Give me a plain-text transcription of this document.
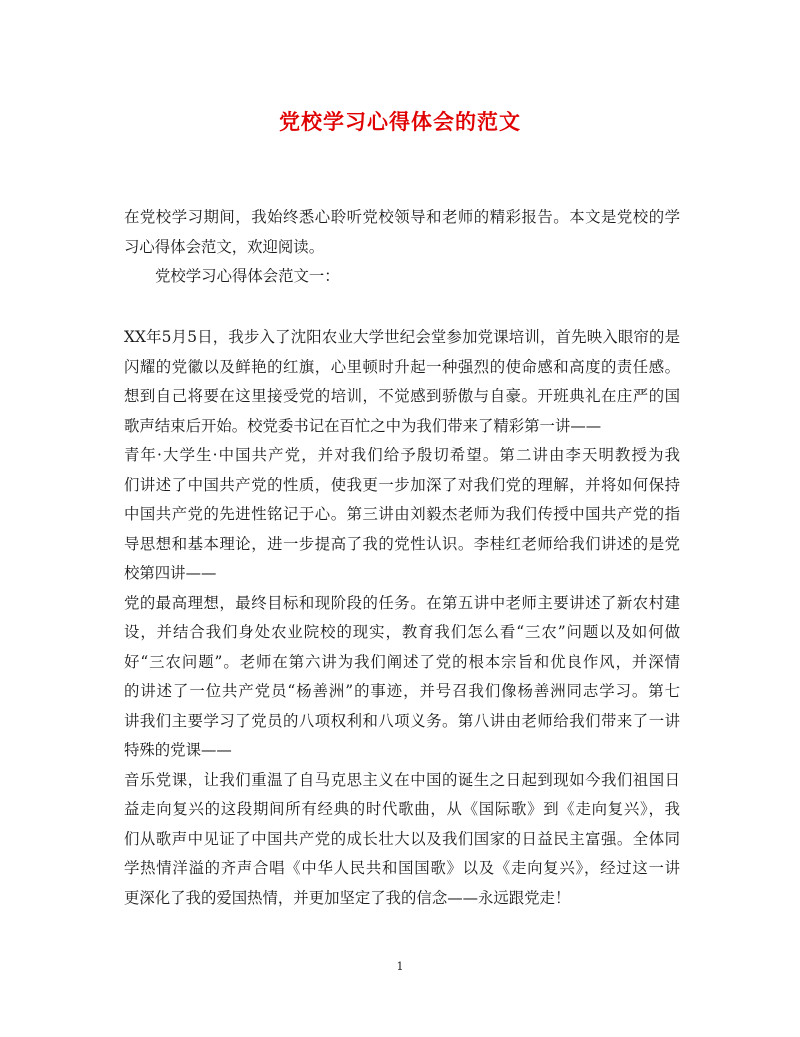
党校学习心得体会的范文
在党校学习期间，我始终悉心聆听党校领导和老师的精彩报告。本文是党校的学
习心得体会范文，欢迎阅读。
党校学习心得体会范文一：
XX年5月5日，我步入了沈阳农业大学世纪会堂参加党课培训，首先映入眼帘的是
闪耀的党徽以及鲜艳的红旗，心里顿时升起一种强烈的使命感和高度的责任感。
想到自己将要在这里接受党的培训，不觉感到骄傲与自豪。开班典礼在庄严的国
歌声结束后开始。校党委书记在百忙之中为我们带来了精彩第一讲——
青年·大学生·中国共产党，并对我们给予殷切希望。第二讲由李天明教授为我
们讲述了中国共产党的性质，使我更一步加深了对我们党的理解，并将如何保持
中国共产党的先进性铭记于心。第三讲由刘毅杰老师为我们传授中国共产党的指
导思想和基本理论，进一步提高了我的党性认识。李桂红老师给我们讲述的是党
校第四讲——
党的最高理想，最终目标和现阶段的任务。在第五讲中老师主要讲述了新农村建
设，并结合我们身处农业院校的现实，教育我们怎么看“三农”问题以及如何做
好“三农问题”。老师在第六讲为我们阐述了党的根本宗旨和优良作风，并深情
的讲述了一位共产党员“杨善洲”的事迹，并号召我们像杨善洲同志学习。第七
讲我们主要学习了党员的八项权利和八项义务。第八讲由老师给我们带来了一讲
特殊的党课——
音乐党课，让我们重温了自马克思主义在中国的诞生之日起到现如今我们祖国日
益走向复兴的这段期间所有经典的时代歌曲，从《国际歌》到《走向复兴》，我
们从歌声中见证了中国共产党的成长壮大以及我们国家的日益民主富强。全体同
学热情洋溢的齐声合唱《中华人民共和国国歌》以及《走向复兴》，经过这一讲
更深化了我的爱国热情，并更加坚定了我的信念——永远跟党走！
1
